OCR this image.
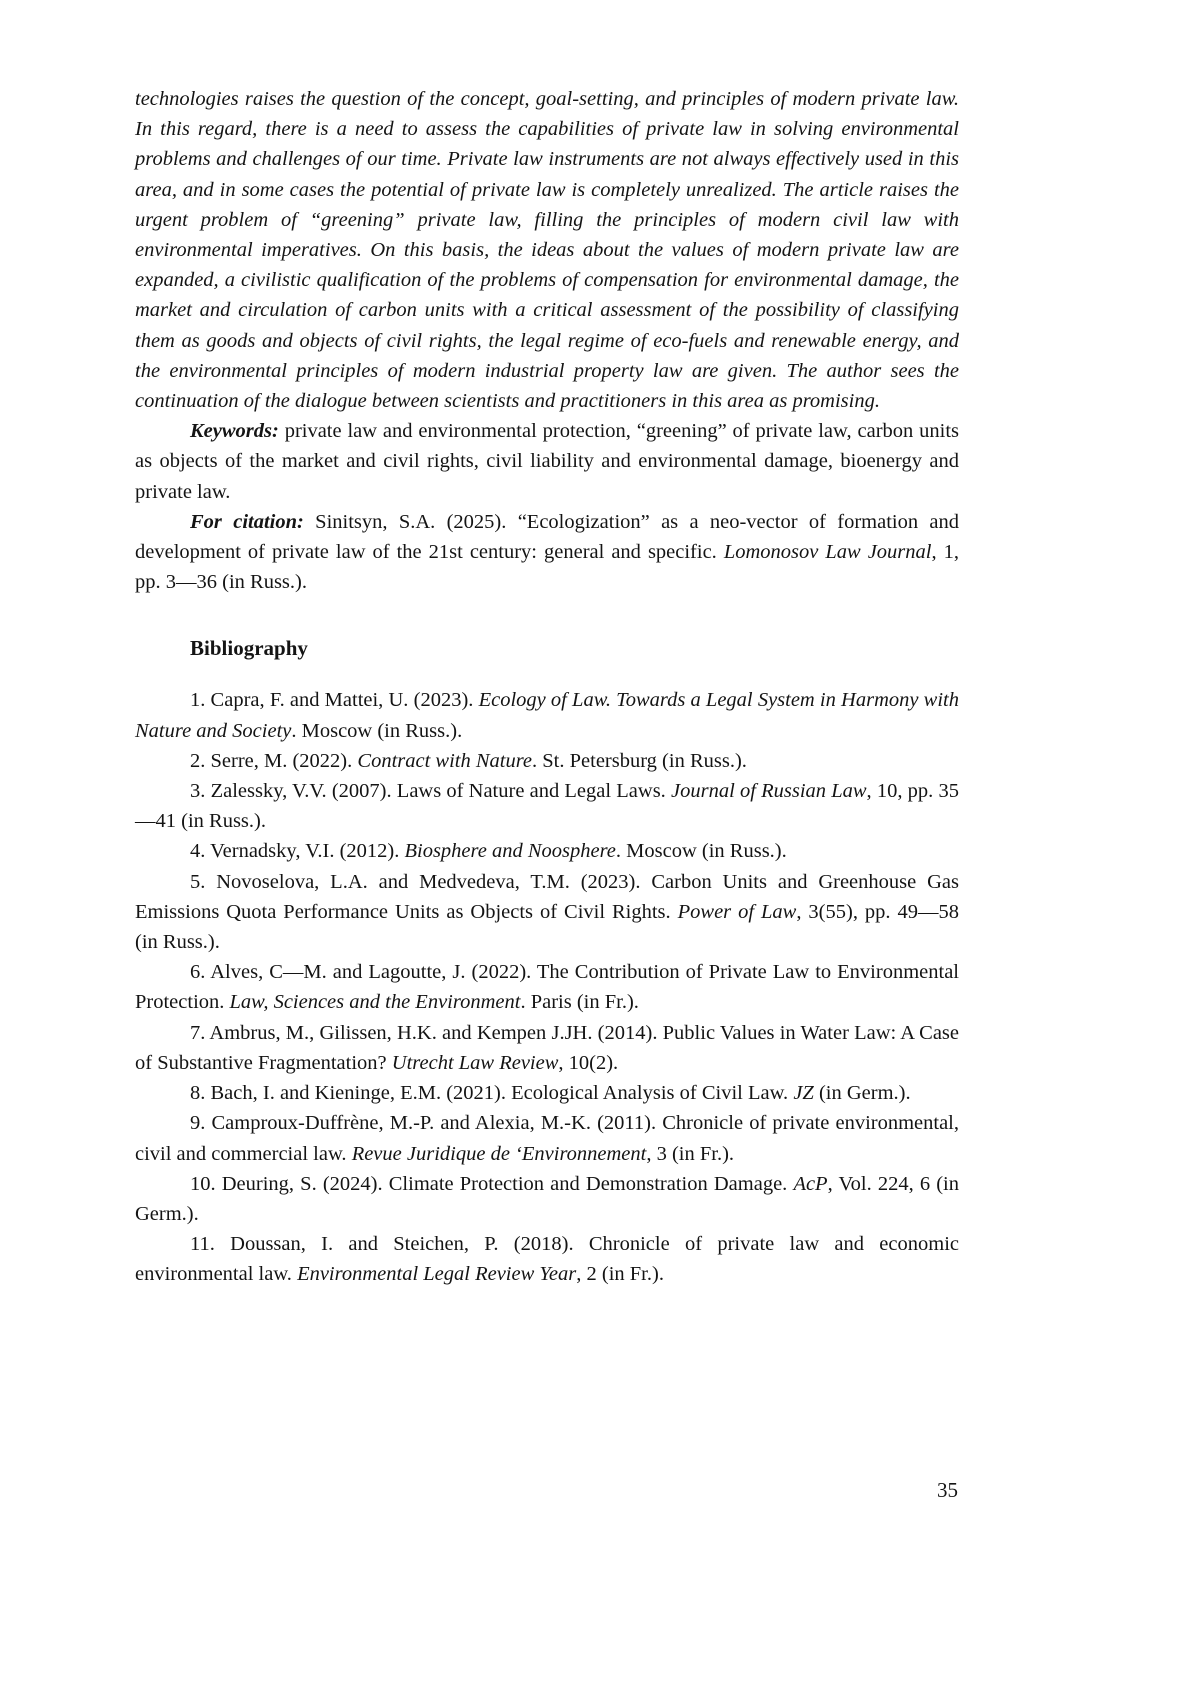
technologies raises the question of the concept, goal-setting, and principles of modern private law. In this regard, there is a need to assess the capabilities of private law in solving environmental problems and challenges of our time. Private law instruments are not always effectively used in this area, and in some cases the potential of private law is completely unrealized. The article raises the urgent problem of “greening” private law, filling the principles of modern civil law with environmental imperatives. On this basis, the ideas about the values of modern private law are expanded, a civilistic qualification of the problems of compensation for environmental damage, the market and circulation of carbon units with a critical assessment of the possibility of classifying them as goods and objects of civil rights, the legal regime of eco-fuels and renewable energy, and the environmental principles of modern industrial property law are given. The author sees the continuation of the dialogue between scientists and practitioners in this area as promising.

Keywords: private law and environmental protection, “greening” of private law, carbon units as objects of the market and civil rights, civil liability and environmental damage, bioenergy and private law.

For citation: Sinitsyn, S.A. (2025). “Ecologization” as a neo-vector of formation and development of private law of the 21st century: general and specific. Lomonosov Law Journal, 1, pp. 3—36 (in Russ.).

Bibliography

1. Capra, F. and Mattei, U. (2023). Ecology of Law. Towards a Legal System in Harmony with Nature and Society. Moscow (in Russ.).

2. Serre, M. (2022). Contract with Nature. St. Petersburg (in Russ.).

3. Zalessky, V.V. (2007). Laws of Nature and Legal Laws. Journal of Russian Law, 10, pp. 35—41 (in Russ.).

4. Vernadsky, V.I. (2012). Biosphere and Noosphere. Moscow (in Russ.).

5. Novoselova, L.A. and Medvedeva, T.M. (2023). Carbon Units and Greenhouse Gas Emissions Quota Performance Units as Objects of Civil Rights. Power of Law, 3(55), pp. 49—58 (in Russ.).

6. Alves, C—M. and Lagoutte, J. (2022). The Contribution of Private Law to Environmental Protection. Law, Sciences and the Environment. Paris (in Fr.).

7. Ambrus, M., Gilissen, H.K. and Kempen J.JH. (2014). Public Values in Water Law: A Case of Substantive Fragmentation? Utrecht Law Review, 10(2).

8. Bach, I. and Kieninge, E.M. (2021). Ecological Analysis of Civil Law. JZ (in Germ.).

9. Camproux-Duffrène, M.-P. and Alexia, M.-K. (2011). Chronicle of private environmental, civil and commercial law. Revue Juridique de ‘Environnement, 3 (in Fr.).

10. Deuring, S. (2024). Climate Protection and Demonstration Damage. AcP, Vol. 224, 6 (in Germ.).

11. Doussan, I. and Steichen, P. (2018). Chronicle of private law and economic environmental law. Environmental Legal Review Year, 2 (in Fr.).

35
